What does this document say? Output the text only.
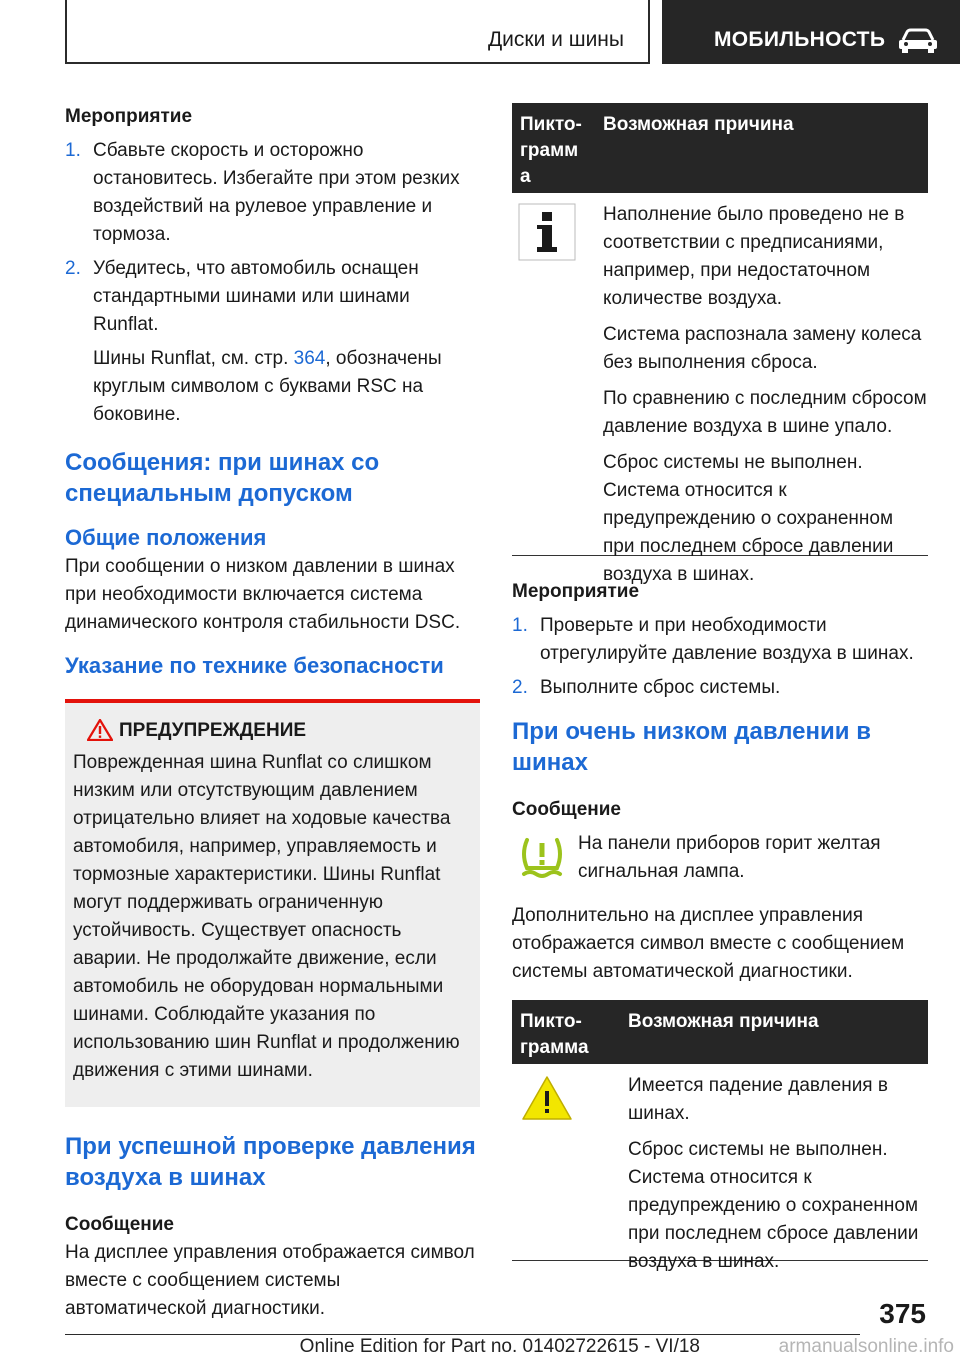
Диски и шины	МОБИЛЬНОСТЬ

Мероприятие

1. Сбавьте скорость и осторожно остановитесь. Избегайте при этом резких воздействий на рулевое управление и тормоза.
2. Убедитесь, что автомобиль оснащен стандартными шинами или шинами Runflat.
Шины Runflat, см. стр. 364, обозначены круглым символом с буквами RSC на боковине.
Сообщения: при шинах со специальным допуском
Общие положения

При сообщении о низком давлении в шинах при необходимости включается система динамического контроля стабильности DSC.

Указание по технике безопасности
ПРЕДУПРЕЖДЕНИЕ

Поврежденная шина Runflat со слишком низким или отсутствующим давлением отрицательно влияет на ходовые качества автомобиля, например, управляемость и тормозные характеристики. Шины Runflat могут поддерживать ограниченную устойчивость. Существует опасность аварии. Не продолжайте движение, если автомобиль не оборудован нормальными шинами. Соблюдайте указания по использованию шин Runflat и продолжению движения с этими шинами.

При успешной проверке давления воздуха в шинах

Сообщение

На дисплее управления отображается символ вместе с сообщением системы автоматической диагностики.

Пикто-
грамм
а
Возможная причина

Наполнение было проведено не в соответствии с предписаниями, например, при недостаточном количестве воздуха.

Система распознала замену колеса без выполнения сброса.

По сравнению с последним сбросом давление воздуха в шине упало.

Сброс системы не выполнен. Система относится к предупреждению о сохраненном при последнем сбросе давлении воздуха в шинах.

Мероприятие

1. Проверьте и при необходимости отрегулируйте давление воздуха в шинах.
2. Выполните сброс системы.
При очень низком давлении в шинах

Сообщение

На панели приборов горит желтая сигнальная лампа.

Дополнительно на дисплее управления отображается символ вместе с сообщением системы автоматической диагностики.

Пикто-
грамма
Возможная причина

Имеется падение давления в шинах.

Сброс системы не выполнен. Система относится к предупреждению о сохраненном при последнем сбросе давлении воздуха в шинах.

375
Online Edition for Part no. 01402722615 - VI/18	armanualsonline.info
